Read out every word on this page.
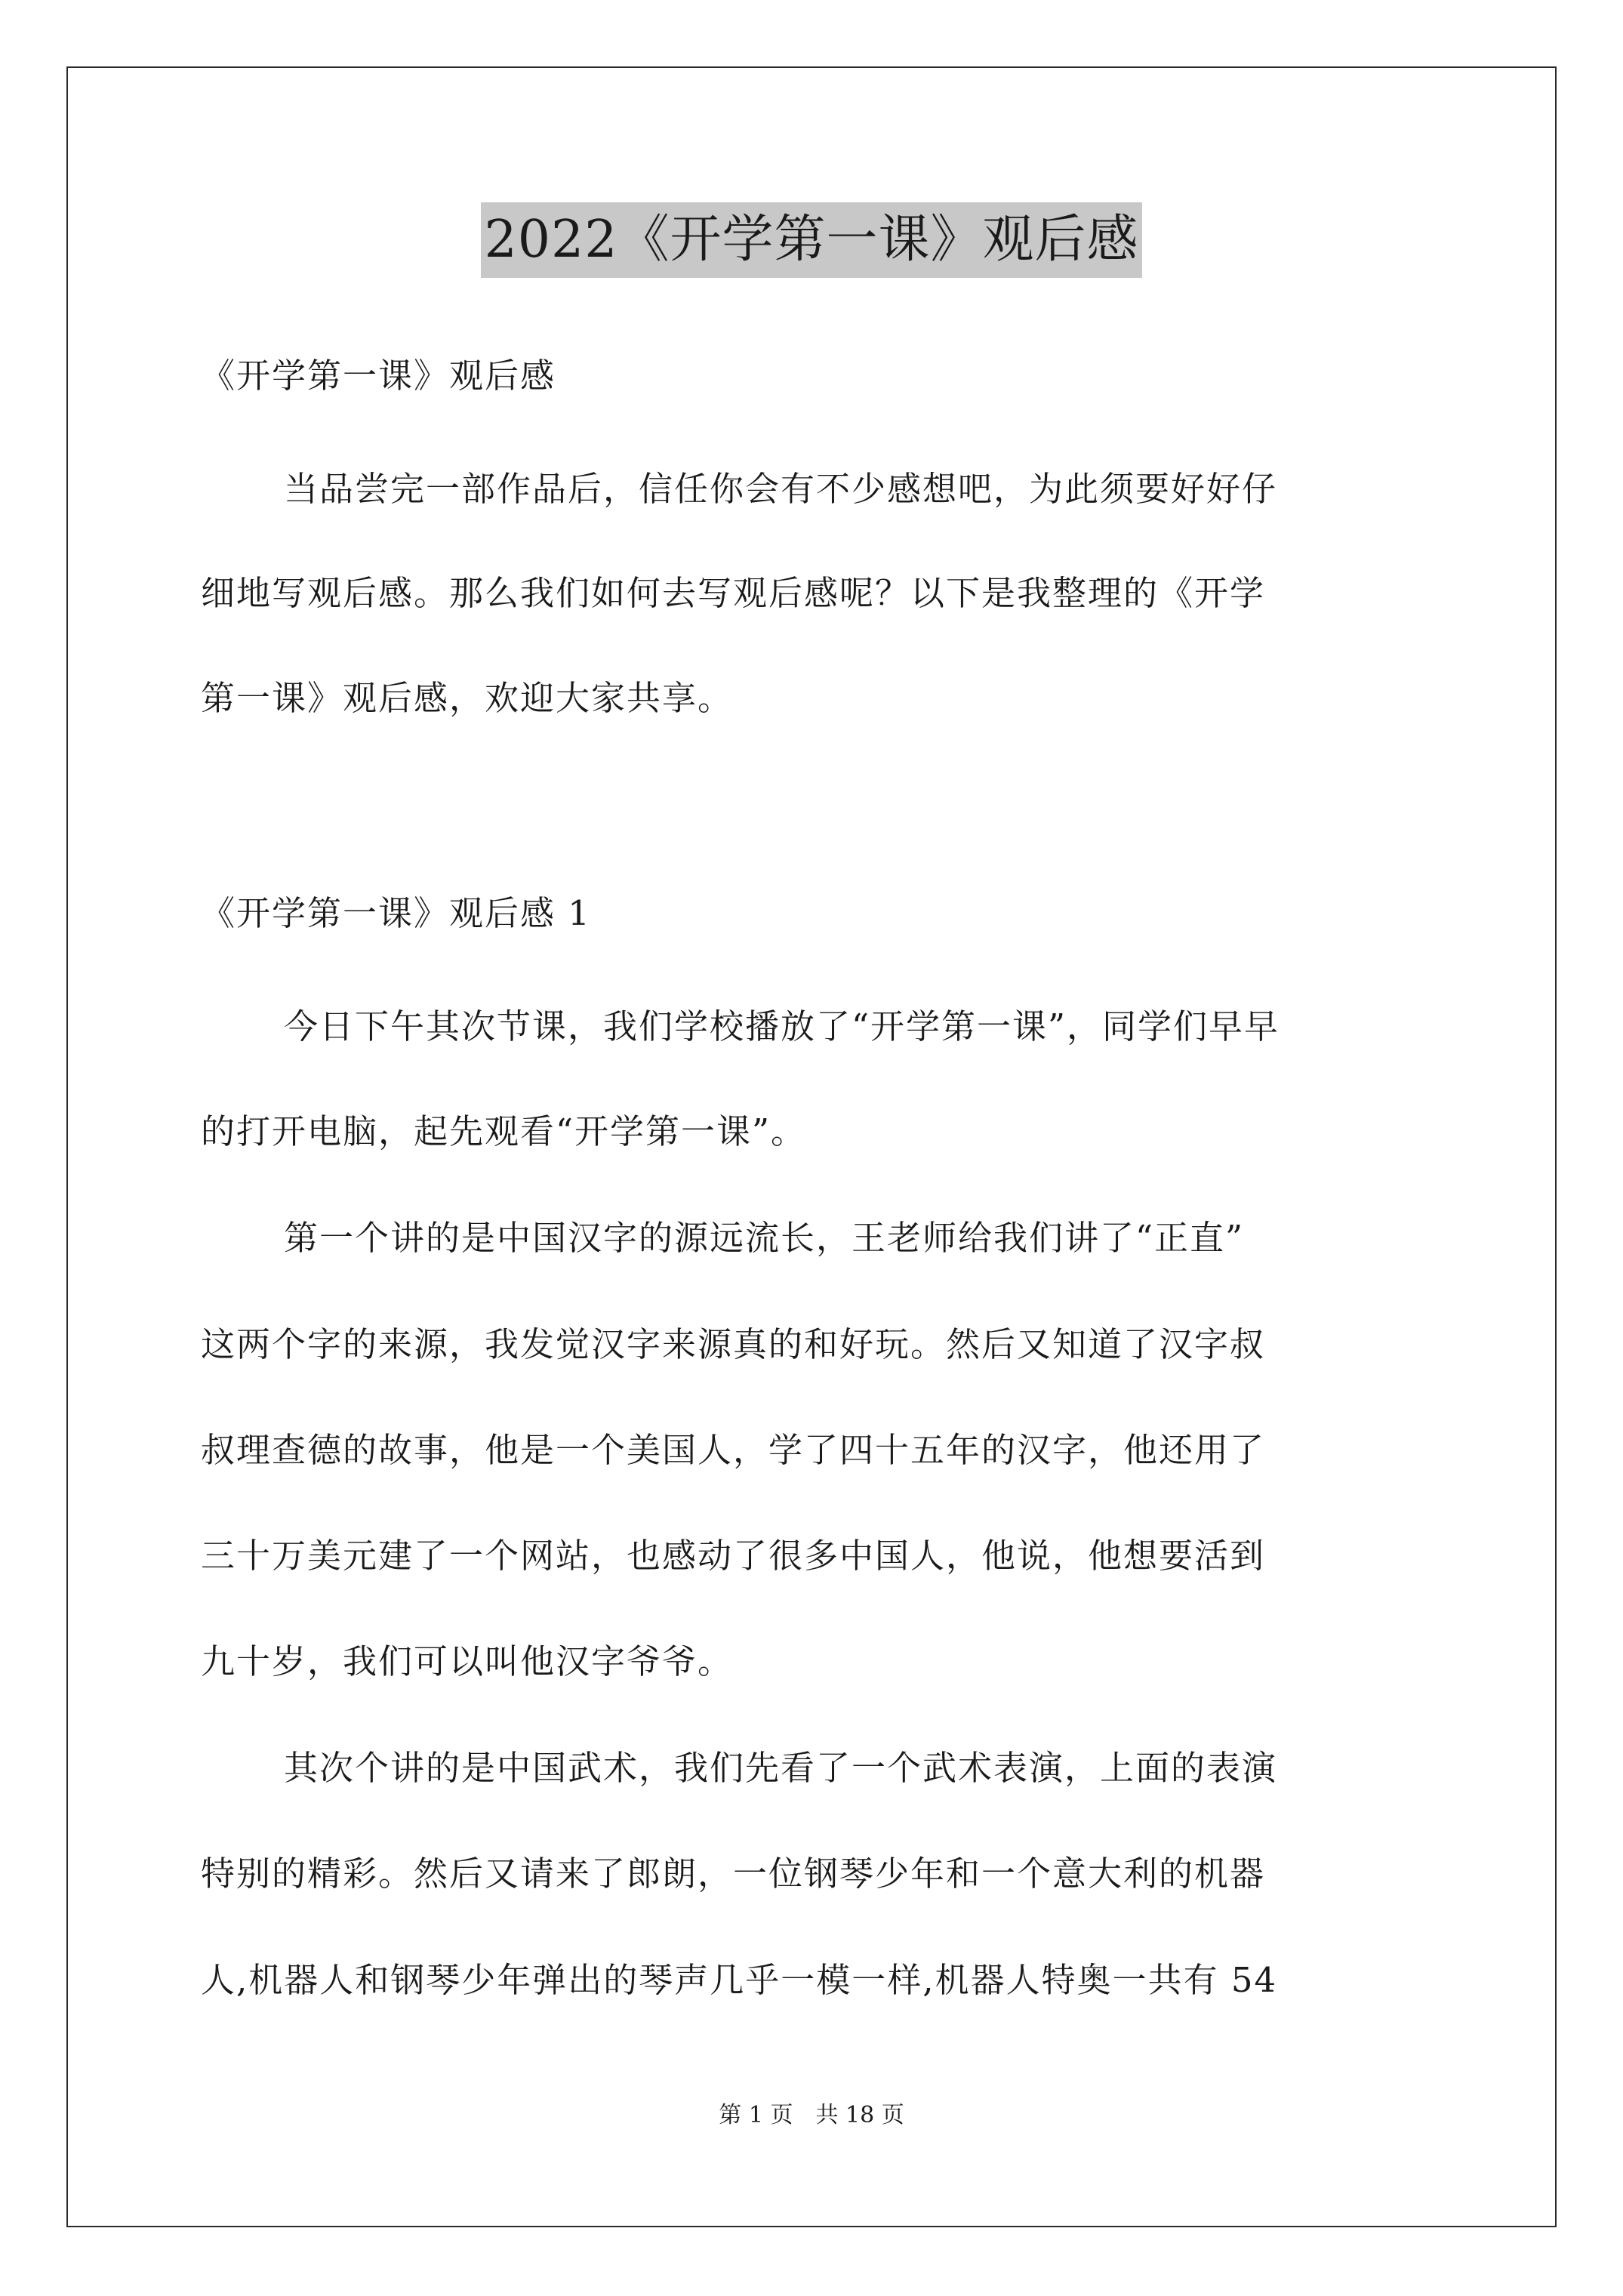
2022《开学第一课》观后感
《开学第一课》观后感
当品尝完一部作品后，信任你会有不少感想吧，为此须要好好仔
细地写观后感。那么我们如何去写观后感呢？以下是我整理的《开学
第一课》观后感，欢迎大家共享。
《开学第一课》观后感 1
今日下午其次节课，我们学校播放了“开学第一课”，同学们早早
的打开电脑，起先观看“开学第一课”。
第一个讲的是中国汉字的源远流长，王老师给我们讲了“正直”
这两个字的来源，我发觉汉字来源真的和好玩。然后又知道了汉字叔
叔理查德的故事，他是一个美国人，学了四十五年的汉字，他还用了
三十万美元建了一个网站，也感动了很多中国人，他说，他想要活到
九十岁，我们可以叫他汉字爷爷。
其次个讲的是中国武术，我们先看了一个武术表演，上面的表演
特别的精彩。然后又请来了郎朗，一位钢琴少年和一个意大利的机器
人,机器人和钢琴少年弹出的琴声几乎一模一样,机器人特奥一共有 54
第 1 页　共 18 页
